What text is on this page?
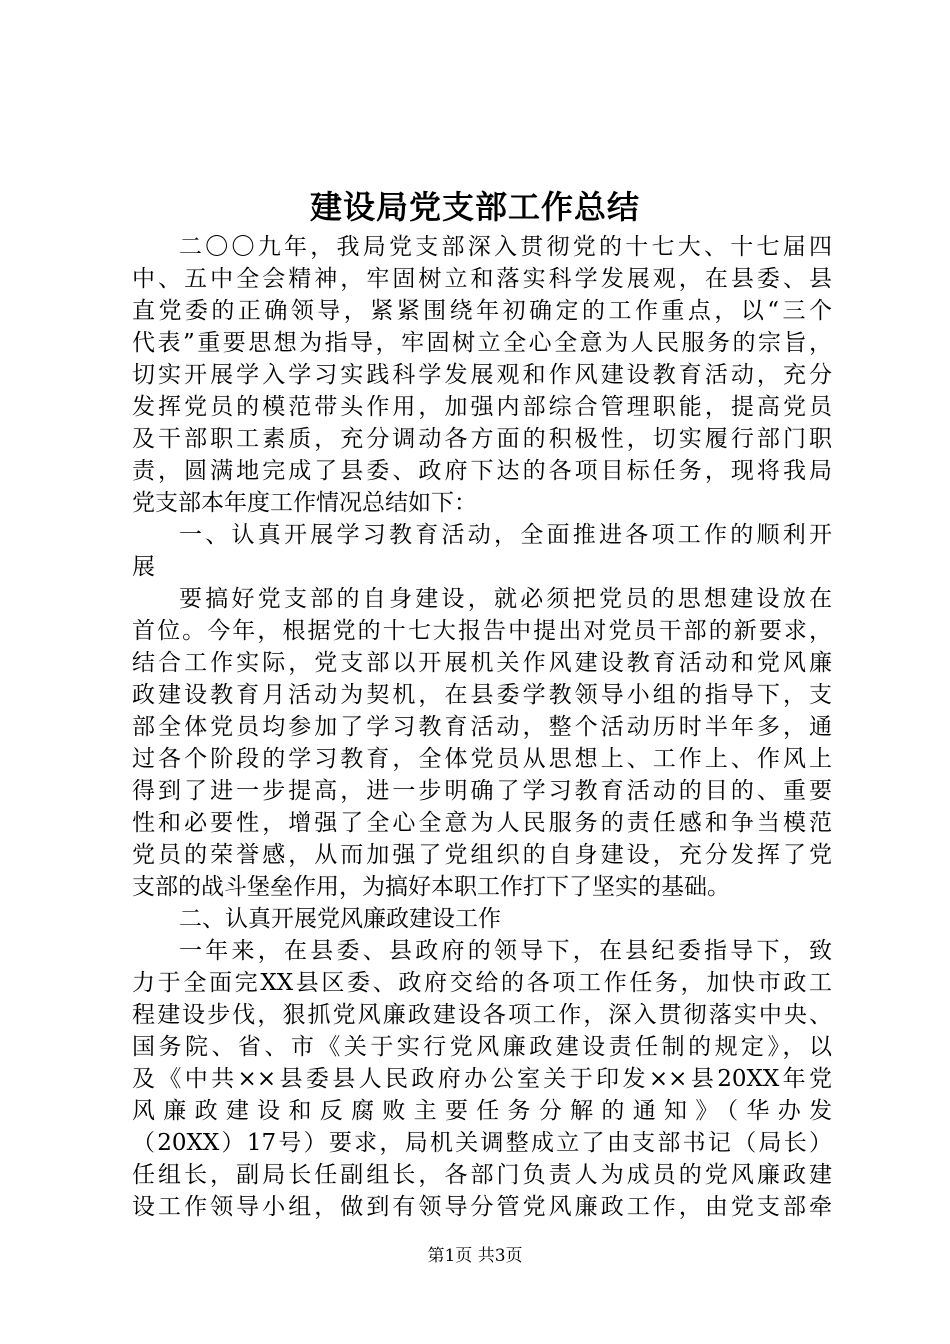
建设局党支部工作总结
二〇〇九年，我局党支部深入贯彻党的十七大、十七届四
中、五中全会精神，牢固树立和落实科学发展观，在县委、县
直党委的正确领导，紧紧围绕年初确定的工作重点，以“三个
代表”重要思想为指导，牢固树立全心全意为人民服务的宗旨，
切实开展学入学习实践科学发展观和作风建设教育活动，充分
发挥党员的模范带头作用，加强内部综合管理职能，提高党员
及干部职工素质，充分调动各方面的积极性，切实履行部门职
责，圆满地完成了县委、政府下达的各项目标任务，现将我局
党支部本年度工作情况总结如下：
一、认真开展学习教育活动，全面推进各项工作的顺利开
展
要搞好党支部的自身建设，就必须把党员的思想建设放在
首位。今年，根据党的十七大报告中提出对党员干部的新要求，
结合工作实际，党支部以开展机关作风建设教育活动和党风廉
政建设教育月活动为契机，在县委学教领导小组的指导下，支
部全体党员均参加了学习教育活动，整个活动历时半年多，通
过各个阶段的学习教育，全体党员从思想上、工作上、作风上
得到了进一步提高，进一步明确了学习教育活动的目的、重要
性和必要性，增强了全心全意为人民服务的责任感和争当模范
党员的荣誉感，从而加强了党组织的自身建设，充分发挥了党
支部的战斗堡垒作用，为搞好本职工作打下了坚实的基础。
二、认真开展党风廉政建设工作
一年来，在县委、县政府的领导下，在县纪委指导下，致
力于全面完XX县区委、政府交给的各项工作任务，加快市政工
程建设步伐，狠抓党风廉政建设各项工作，深入贯彻落实中央、
国务院、省、市《关于实行党风廉政建设责任制的规定》，以
及《中共××县委县人民政府办公室关于印发××县20XX年党
风廉政建设和反腐败主要任务分解的通知》（华办发
（20XX）17号）要求，局机关调整成立了由支部书记（局长）
任组长，副局长任副组长，各部门负责人为成员的党风廉政建
设工作领导小组，做到有领导分管党风廉政工作，由党支部牵
第1页 共3页
